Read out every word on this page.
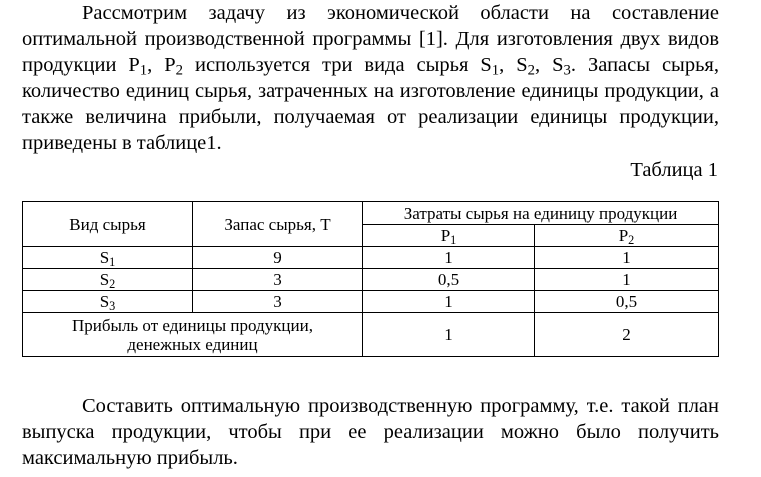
Рассмотрим задачу из экономической области на составление оптимальной производственной программы [1]. Для изготовления двух видов продукции $P_1$, $P_2$ используется три вида сырья $S_1$, $S_2$, $S_3$. Запасы сырья, количество единиц сырья, затраченных на изготовление единицы продукции, а также величина прибыли, получаемая от реализации единицы продукции, приведены в таблице1.

Таблица 1
Вид сырья	Запас сырья, Т	Затраты сырья на единицу продукции	
		$P_1$	$P_2$
$S_1$	9	1	1
$S_2$	3	0,5	1
$S_3$	3	1	0,5
Прибыль от единицы продукции,
денежных единиц		1	2

Составить оптимальную производственную программу, т.е. такой план выпуска продукции, чтобы при ее реализации можно было получить максимальную прибыль.
